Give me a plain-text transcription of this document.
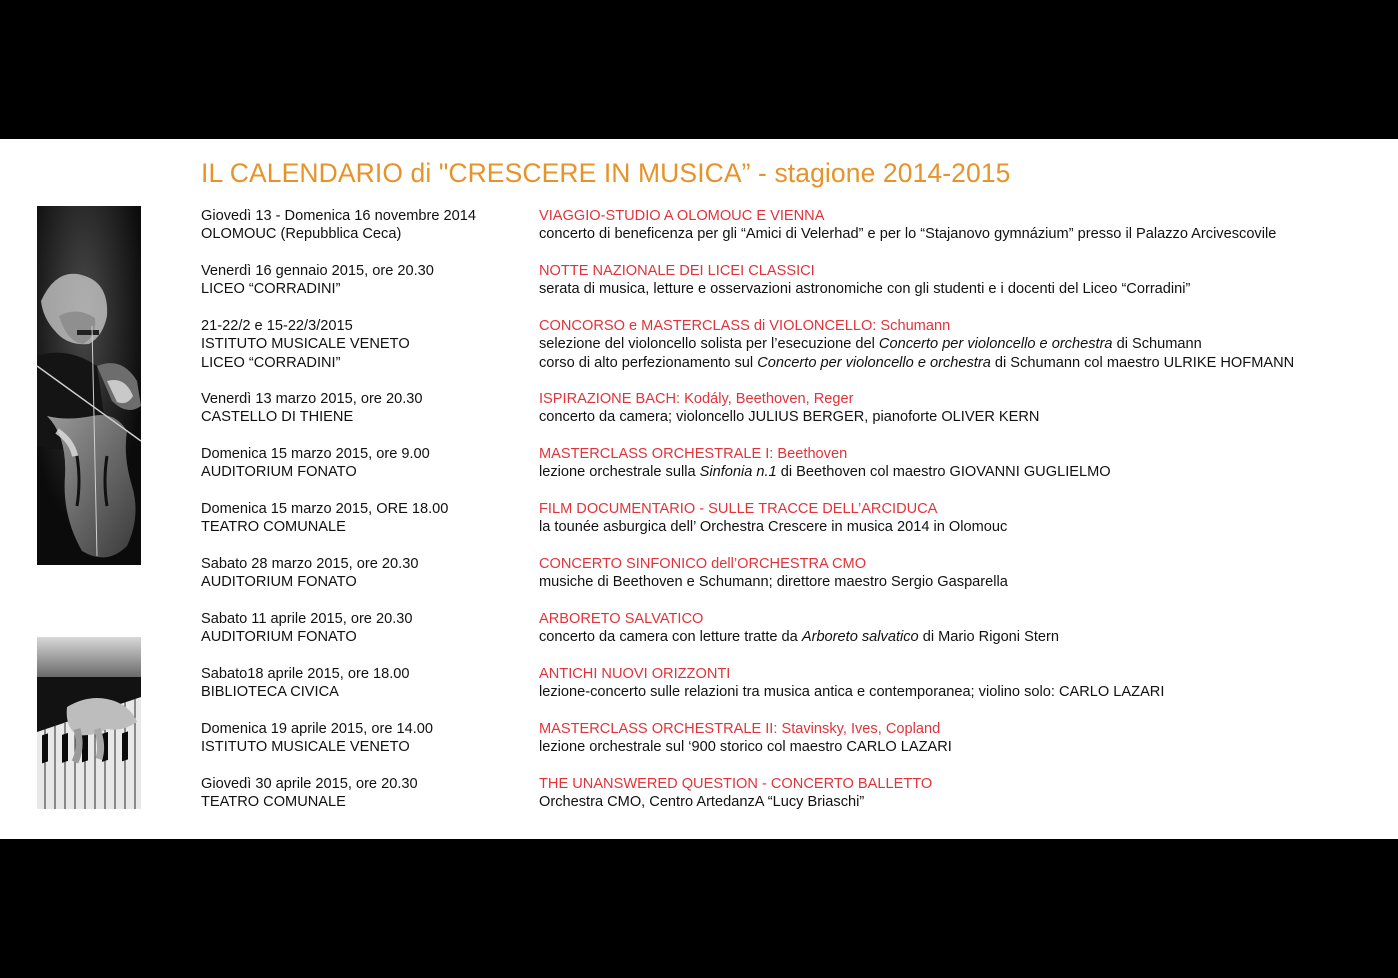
IL CALENDARIO di "CRESCERE IN MUSICA” - stagione 2014-2015
Giovedì 13 - Domenica 16 novembre 2014
OLOMOUC (Repubblica Ceca)
VIAGGIO-STUDIO A OLOMOUC E VIENNA
concerto di beneficenza per gli “Amici di Velerhad” e per lo “Stajanovo gymnázium” presso il Palazzo Arcivescovile
Venerdì 16 gennaio 2015, ore 20.30
LICEO “CORRADINI”
NOTTE NAZIONALE DEI LICEI CLASSICI
serata di musica, letture e osservazioni astronomiche con gli studenti e i docenti del Liceo “Corradini”
21-22/2 e 15-22/3/2015
ISTITUTO MUSICALE VENETO
LICEO “CORRADINI”
CONCORSO e MASTERCLASS di VIOLONCELLO: Schumann
selezione del violoncello solista per l’esecuzione del Concerto per violoncello e orchestra di Schumann
corso di alto perfezionamento sul Concerto per violoncello e orchestra di Schumann col maestro ULRIKE HOFMANN
Venerdì 13 marzo 2015, ore 20.30
CASTELLO DI THIENE
ISPIRAZIONE BACH: Kodály, Beethoven, Reger
concerto da camera; violoncello JULIUS BERGER, pianoforte OLIVER KERN
Domenica 15 marzo 2015, ore 9.00
AUDITORIUM FONATO
MASTERCLASS ORCHESTRALE I: Beethoven
lezione orchestrale sulla Sinfonia n.1 di Beethoven col maestro GIOVANNI GUGLIELMO
Domenica 15 marzo 2015, ORE 18.00
TEATRO COMUNALE
FILM DOCUMENTARIO - SULLE TRACCE DELL’ARCIDUCA
la tounée asburgica dell’ Orchestra Crescere in musica 2014 in Olomouc
Sabato 28 marzo 2015, ore 20.30
AUDITORIUM FONATO
CONCERTO SINFONICO dell’ORCHESTRA CMO
musiche di Beethoven e Schumann; direttore maestro Sergio Gasparella
Sabato 11 aprile 2015, ore 20.30
AUDITORIUM FONATO
ARBORETO SALVATICO
concerto da camera con letture tratte da Arboreto salvatico di Mario Rigoni Stern
Sabato18 aprile 2015, ore 18.00
BIBLIOTECA CIVICA
ANTICHI NUOVI ORIZZONTI
lezione-concerto sulle relazioni tra musica antica e contemporanea; violino solo: CARLO LAZARI
Domenica 19 aprile 2015, ore 14.00
ISTITUTO MUSICALE VENETO
MASTERCLASS ORCHESTRALE II: Stavinsky, Ives, Copland
lezione orchestrale sul ‘900 storico col maestro CARLO LAZARI
Giovedì 30 aprile 2015, ore 20.30
TEATRO COMUNALE
THE UNANSWERED QUESTION - CONCERTO BALLETTO
Orchestra CMO, Centro ArtedanzA “Lucy Briaschi”
